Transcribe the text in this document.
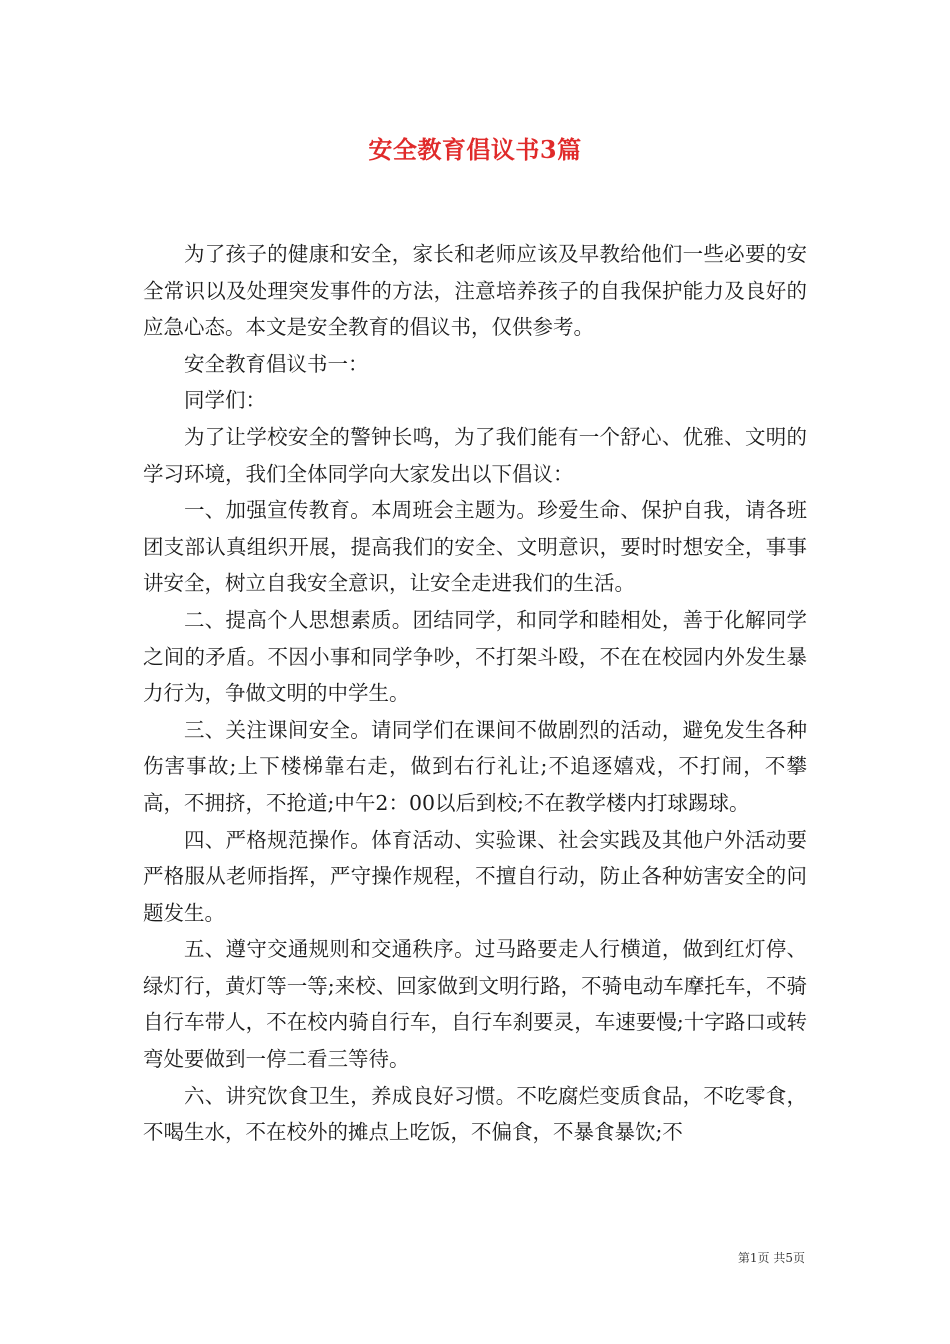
安全教育倡议书3篇

为了孩子的健康和安全，家长和老师应该及早教给他们一些必要的安全常识以及处理突发事件的方法，注意培养孩子的自我保护能力及良好的应急心态。本文是安全教育的倡议书，仅供参考。

安全教育倡议书一：

同学们：

为了让学校安全的警钟长鸣，为了我们能有一个舒心、优雅、文明的学习环境，我们全体同学向大家发出以下倡议：

一、加强宣传教育。本周班会主题为。珍爱生命、保护自我，请各班团支部认真组织开展，提高我们的安全、文明意识，要时时想安全，事事讲安全，树立自我安全意识，让安全走进我们的生活。

二、提高个人思想素质。团结同学，和同学和睦相处，善于化解同学之间的矛盾。不因小事和同学争吵，不打架斗殴，不在在校园内外发生暴力行为，争做文明的中学生。

三、关注课间安全。请同学们在课间不做剧烈的活动，避免发生各种伤害事故;上下楼梯靠右走，做到右行礼让;不追逐嬉戏，不打闹，不攀高，不拥挤，不抢道;中午2：00以后到校;不在教学楼内打球踢球。

四、严格规范操作。体育活动、实验课、社会实践及其他户外活动要严格服从老师指挥，严守操作规程，不擅自行动，防止各种妨害安全的问题发生。

五、遵守交通规则和交通秩序。过马路要走人行横道，做到红灯停、绿灯行，黄灯等一等;来校、回家做到文明行路，不骑电动车摩托车，不骑自行车带人，不在校内骑自行车，自行车刹要灵，车速要慢;十字路口或转弯处要做到一停二看三等待。

六、讲究饮食卫生，养成良好习惯。不吃腐烂变质食品，不吃零食，不喝生水，不在校外的摊点上吃饭，不偏食，不暴食暴饮;不

第1页 共5页
